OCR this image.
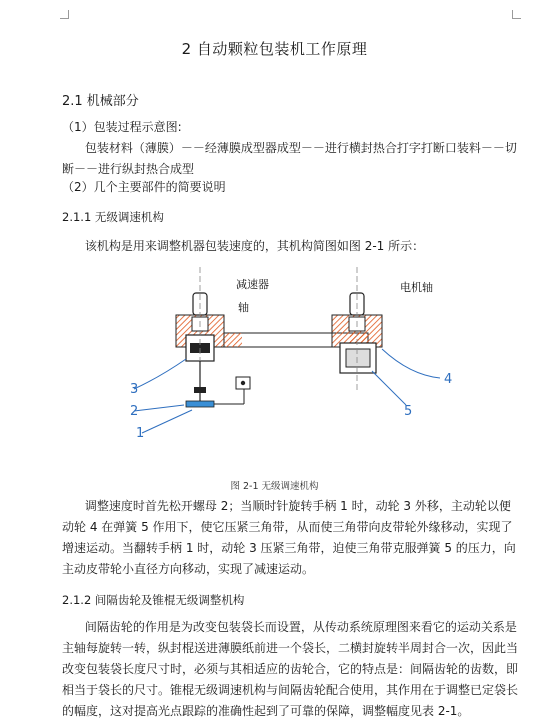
2 自动颗粒包装机工作原理
2.1 机械部分
（1）包装过程示意图:
包装材料（薄膜）－－经薄膜成型器成型－－进行横封热合打字打断口装料－－切断－－进行纵封热合成型
（2）几个主要部件的简要说明
2.1.1 无级调速机构
该机构是用来调整机器包装速度的，其机构简图如图 2-1 所示：
减速器
轴
电机轴
3
2
1
4
5
图 2-1 无级调速机构
调整速度时首先松开螺母 2；当顺时针旋转手柄 1 时，动轮 3 外移，主动轮以便动轮 4 在弹簧 5 作用下，使它压紧三角带，从而使三角带向皮带轮外缘移动，实现了增速运动。当翻转手柄 1 时，动轮 3 压紧三角带，迫使三角带克服弹簧 5 的压力，向主动皮带轮小直径方向移动，实现了减速运动。
2.1.2 间隔齿轮及锥棍无级调整机构
间隔齿轮的作用是为改变包装袋长而设置，从传动系统原理图来看它的运动关系是主轴每旋转一转，纵封棍送进薄膜纸前进一个袋长，二横封旋转半周封合一次，因此当改变包装袋长度尺寸时，必须与其相适应的齿轮合，它的特点是：间隔齿轮的齿数，即相当于袋长的尺寸。锥棍无级调速机构与间隔齿轮配合使用，其作用在于调整已定袋长的幅度，这对提高光点跟踪的准确性起到了可靠的保障，调整幅度见表 2-1。
